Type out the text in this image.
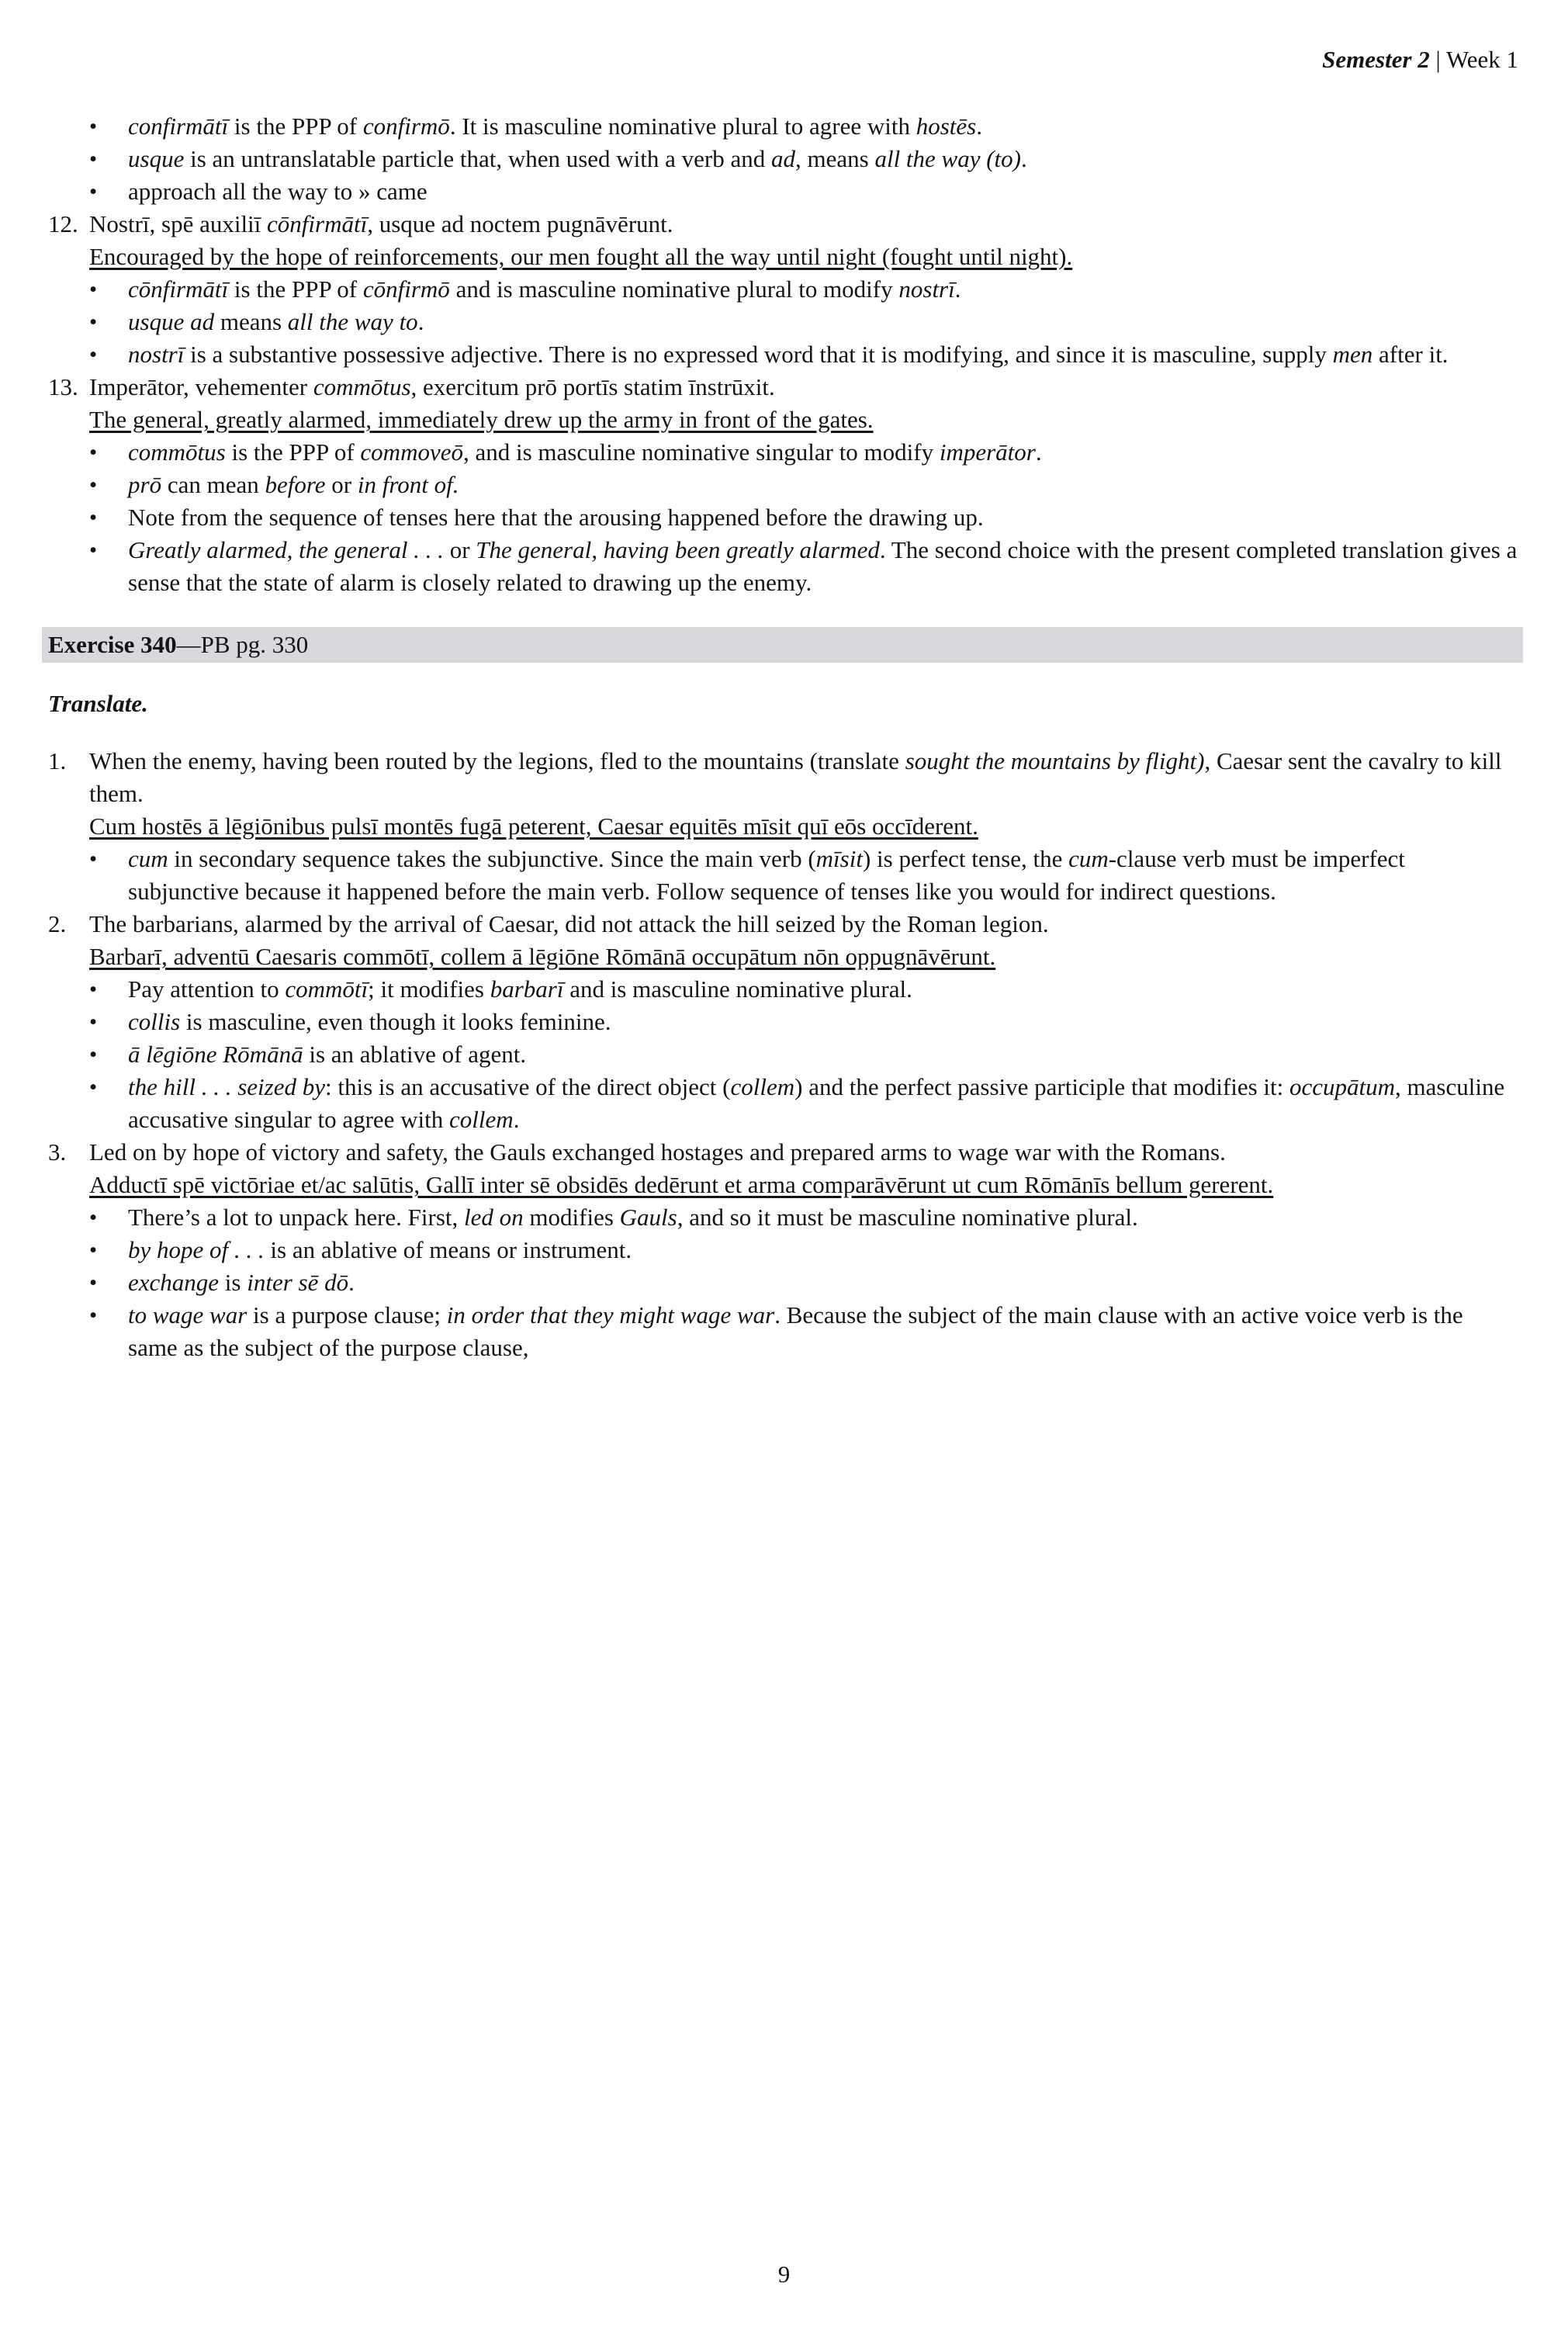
Semester 2 | Week 1
•	confirmātī is the PPP of confirmō. It is masculine nominative plural to agree with hostēs.
•	usque is an untranslatable particle that, when used with a verb and ad, means all the way (to).
•	approach all the way to » came
12. Nostrī, spē auxiliī cōnfirmātī, usque ad noctem pugnāvērunt.
Encouraged by the hope of reinforcements, our men fought all the way until night (fought until night).
•	cōnfirmātī is the PPP of cōnfirmō and is masculine nominative plural to modify nostrī.
•	usque ad means all the way to.
•	nostrī is a substantive possessive adjective. There is no expressed word that it is modifying, and since it is masculine, supply men after it.
13. Imperātor, vehementer commōtus, exercitum prō portīs statim īnstrūxit.
The general, greatly alarmed, immediately drew up the army in front of the gates.
•	commōtus is the PPP of commoveō, and is masculine nominative singular to modify imperātor.
•	prō can mean before or in front of.
•	Note from the sequence of tenses here that the arousing happened before the drawing up.
•	Greatly alarmed, the general . . . or The general, having been greatly alarmed. The second choice with the present completed translation gives a sense that the state of alarm is closely related to drawing up the enemy.
Exercise 340—PB pg. 330
Translate.
1. When the enemy, having been routed by the legions, fled to the mountains (translate sought the mountains by flight), Caesar sent the cavalry to kill them.
Cum hostēs ā lēgiōnibus pulsī montēs fugā peterent, Caesar equitēs mīsit quī eōs occīderent.
•	cum in secondary sequence takes the subjunctive. Since the main verb (mīsit) is perfect tense, the cum-clause verb must be imperfect subjunctive because it happened before the main verb. Follow sequence of tenses like you would for indirect questions.
2. The barbarians, alarmed by the arrival of Caesar, did not attack the hill seized by the Roman legion.
Barbarī, adventū Caesaris commōtī, collem ā lēgiōne Rōmānā occupātum nōn oppugnāvērunt.
•	Pay attention to commōtī; it modifies barbarī and is masculine nominative plural.
•	collis is masculine, even though it looks feminine.
•	ā lēgiōne Rōmānā is an ablative of agent.
•	the hill . . . seized by: this is an accusative of the direct object (collem) and the perfect passive participle that modifies it: occupātum, masculine accusative singular to agree with collem.
3. Led on by hope of victory and safety, the Gauls exchanged hostages and prepared arms to wage war with the Romans.
Adductī spē victōriae et/ac salūtis, Gallī inter sē obsidēs dedērunt et arma comparāvērunt ut cum Rōmānīs bellum gererent.
•	There’s a lot to unpack here. First, led on modifies Gauls, and so it must be masculine nominative plural.
•	by hope of . . . is an ablative of means or instrument.
•	exchange is inter sē dō.
•	to wage war is a purpose clause; in order that they might wage war. Because the subject of the main clause with an active voice verb is the same as the subject of the purpose clause,
9
